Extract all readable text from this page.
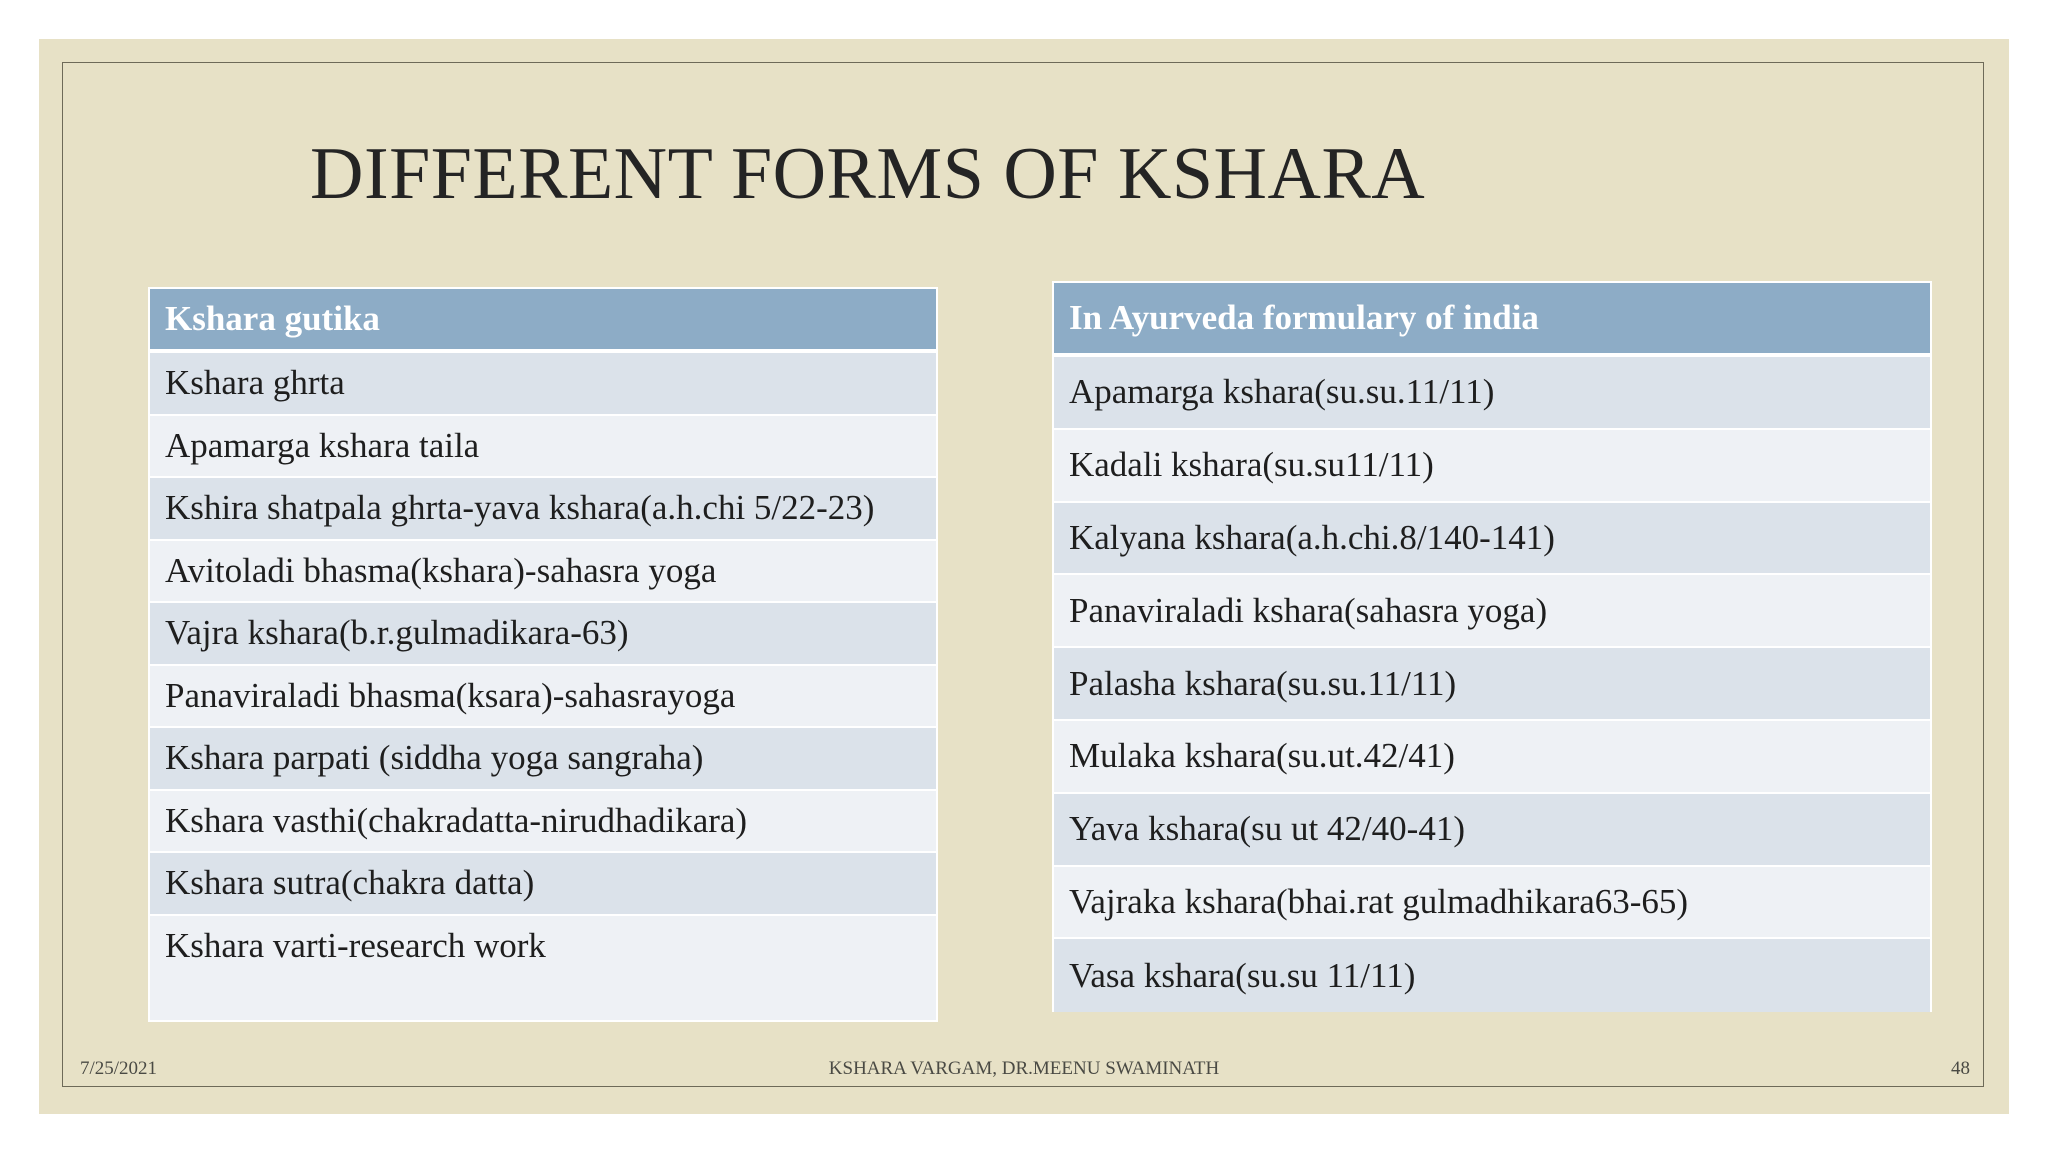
DIFFERENT FORMS OF KSHARA
Kshara gutika
Kshara ghrta
Apamarga kshara taila
Kshira shatpala ghrta-yava kshara(a.h.chi 5/22-23)
Avitoladi bhasma(kshara)-sahasra yoga
Vajra kshara(b.r.gulmadikara-63)
Panaviraladi bhasma(ksara)-sahasrayoga
Kshara parpati (siddha yoga sangraha)
Kshara vasthi(chakradatta-nirudhadikara)
Kshara sutra(chakra datta)
Kshara varti-research work
In Ayurveda formulary of india
Apamarga kshara(su.su.11/11)
Kadali kshara(su.su11/11)
Kalyana kshara(a.h.chi.8/140-141)
Panaviraladi kshara(sahasra yoga)
Palasha kshara(su.su.11/11)
Mulaka kshara(su.ut.42/41)
Yava kshara(su ut 42/40-41)
Vajraka kshara(bhai.rat gulmadhikara63-65)
Vasa kshara(su.su 11/11)
7/25/2021	KSHARA VARGAM, DR.MEENU SWAMINATH	48
